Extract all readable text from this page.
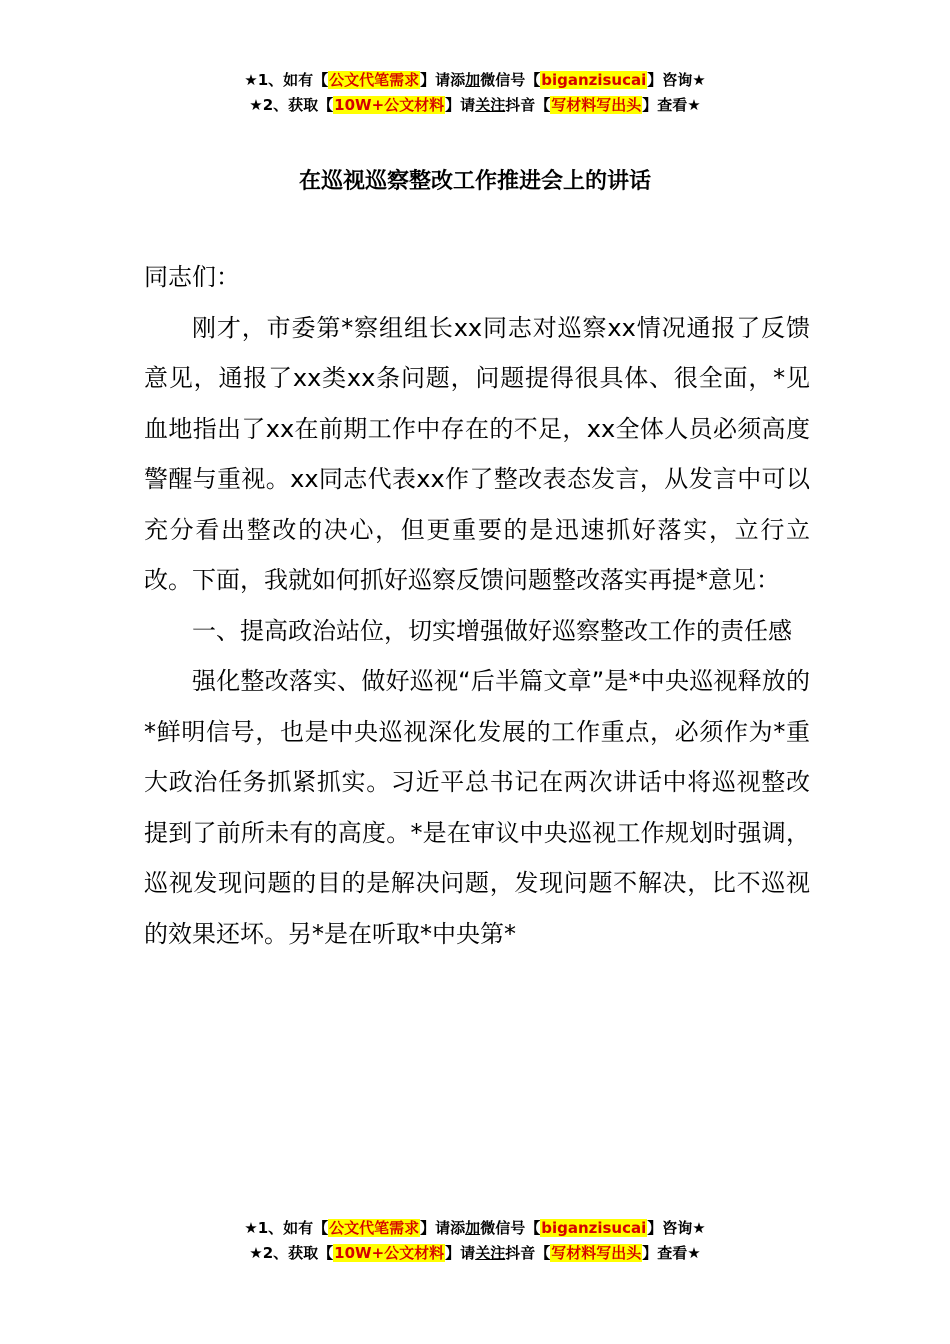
★1、如有【公文代笔需求】请添加微信号【biganzisucai】咨询★
★2、获取【10W+公文材料】请关注抖音【写材料写出头】查看★
在巡视巡察整改工作推进会上的讲话

同志们：

刚才，市委第*察组组长xx同志对巡察xx情况通报了反馈意见，通报了xx类xx条问题，问题提得很具体、很全面，*见血地指出了xx在前期工作中存在的不足，xx全体人员必须高度警醒与重视。xx同志代表xx作了整改表态发言，从发言中可以充分看出整改的决心，但更重要的是迅速抓好落实，立行立改。下面，我就如何抓好巡察反馈问题整改落实再提*意见：

一、提高政治站位，切实增强做好巡察整改工作的责任感

强化整改落实、做好巡视“后半篇文章”是*中央巡视释放的*鲜明信号，也是中央巡视深化发展的工作重点，必须作为*重大政治任务抓紧抓实。习近平总书记在两次讲话中将巡视整改提到了前所未有的高度。*是在审议中央巡视工作规划时强调，巡视发现问题的目的是解决问题，发现问题不解决，比不巡视的效果还坏。另*是在听取*中央第*

★1、如有【公文代笔需求】请添加微信号【biganzisucai】咨询★
★2、获取【10W+公文材料】请关注抖音【写材料写出头】查看★
